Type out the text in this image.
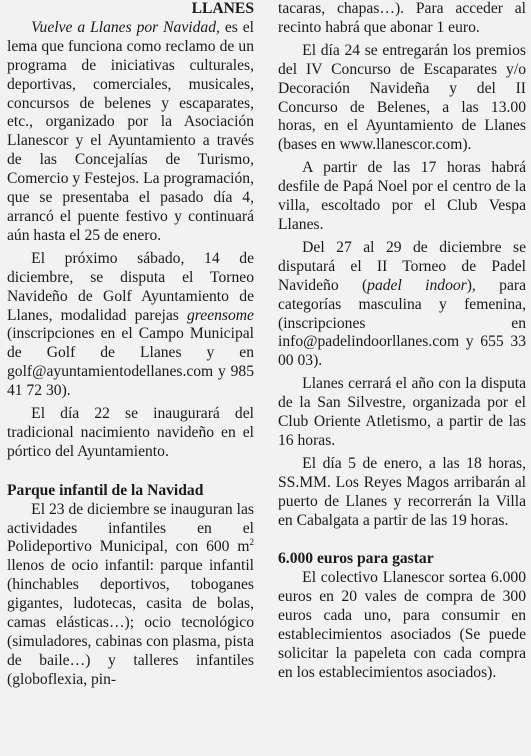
LLANES

Vuelve a Llanes por Navidad, es el lema que funciona como reclamo de un programa de iniciativas culturales, deportivas, comerciales, musicales, concursos de belenes y escaparates, etc., organizado por la Asociación Llanescor y el Ayuntamiento a través de las Concejalías de Turismo, Comercio y Festejos. La programación, que se presentaba el pasado día 4, arrancó el puente festivo y continuará aún hasta el 25 de enero.

El próximo sábado, 14 de diciembre, se disputa el Torneo Navideño de Golf Ayuntamiento de Llanes, modalidad parejas greensome (inscripciones en el Campo Municipal de Golf de Llanes y en golf@ayuntamientodellanes.com y 985 41 72 30).

El día 22 se inaugurará del tradicional nacimiento navideño en el pórtico del Ayuntamiento.

Parque infantil de la Navidad

El 23 de diciembre se inauguran las actividades infantiles en el Polideportivo Municipal, con 600 $m^2$ llenos de ocio infantil: parque infantil (hinchables deportivos, toboganes gigantes, ludotecas, casita de bolas, camas elásticas…); ocio tecnológico (simuladores, cabinas con plasma, pista de baile…) y talleres infantiles (globoflexia, pin-

tacaras, chapas…). Para acceder al recinto habrá que abonar 1 euro.

El día 24 se entregarán los premios del IV Concurso de Escaparates y/o Decoración Navideña y del II Concurso de Belenes, a las 13.00 horas, en el Ayuntamiento de Llanes (bases en www.llanescor.com).

A partir de las 17 horas habrá desfile de Papá Noel por el centro de la villa, escoltado por el Club Vespa Llanes.

Del 27 al 29 de diciembre se disputará el II Torneo de Padel Navideño (padel indoor), para categorías masculina y femenina, (inscripciones en info@padelindoorllanes.com y 655 33 00 03).

Llanes cerrará el año con la disputa de la San Silvestre, organizada por el Club Oriente Atletismo, a partir de las 16 horas.

El día 5 de enero, a las 18 horas, SS.MM. Los Reyes Magos arribarán al puerto de Llanes y recorrerán la Villa en Cabalgata a partir de las 19 horas.

6.000 euros para gastar

El colectivo Llanescor sortea 6.000 euros en 20 vales de compra de 300 euros cada uno, para consumir en establecimientos asociados (Se puede solicitar la papeleta con cada compra en los establecimientos asociados).
